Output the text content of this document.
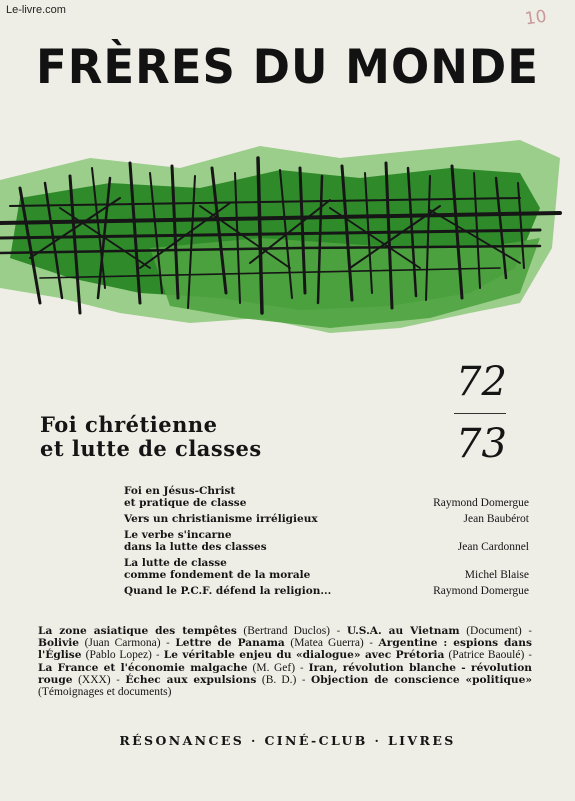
Le-livre.com	10
FRÈRES DU MONDE
72
73
Foi chrétienne
et lutte de classes
Foi en Jésus-Christ
et pratique de classe	Raymond Domergue
Vers un christianisme irréligieux	Jean Baubérot
Le verbe s'incarne
dans la lutte des classes	Jean Cardonnel
La lutte de classe
comme fondement de la morale	Michel Blaise
Quand le P.C.F. défend la religion...	Raymond Domergue
La zone asiatique des tempêtes (Bertrand Duclos) - U.S.A. au Vietnam (Document) - Bolivie (Juan Carmona) - Lettre de Panama (Matea Guerra) - Argentine : espions dans l'Église (Pablo Lopez) - Le véritable enjeu du «dialogue» avec Prétoria (Patrice Baoulé) - La France et l'économie malgache (M. Gef) - Iran, révolution blanche - révolution rouge (XXX) - Échec aux expulsions (B. D.) - Objection de conscience «politique» (Témoignages et documents)
RÉSONANCES · CINÉ-CLUB · LIVRES
